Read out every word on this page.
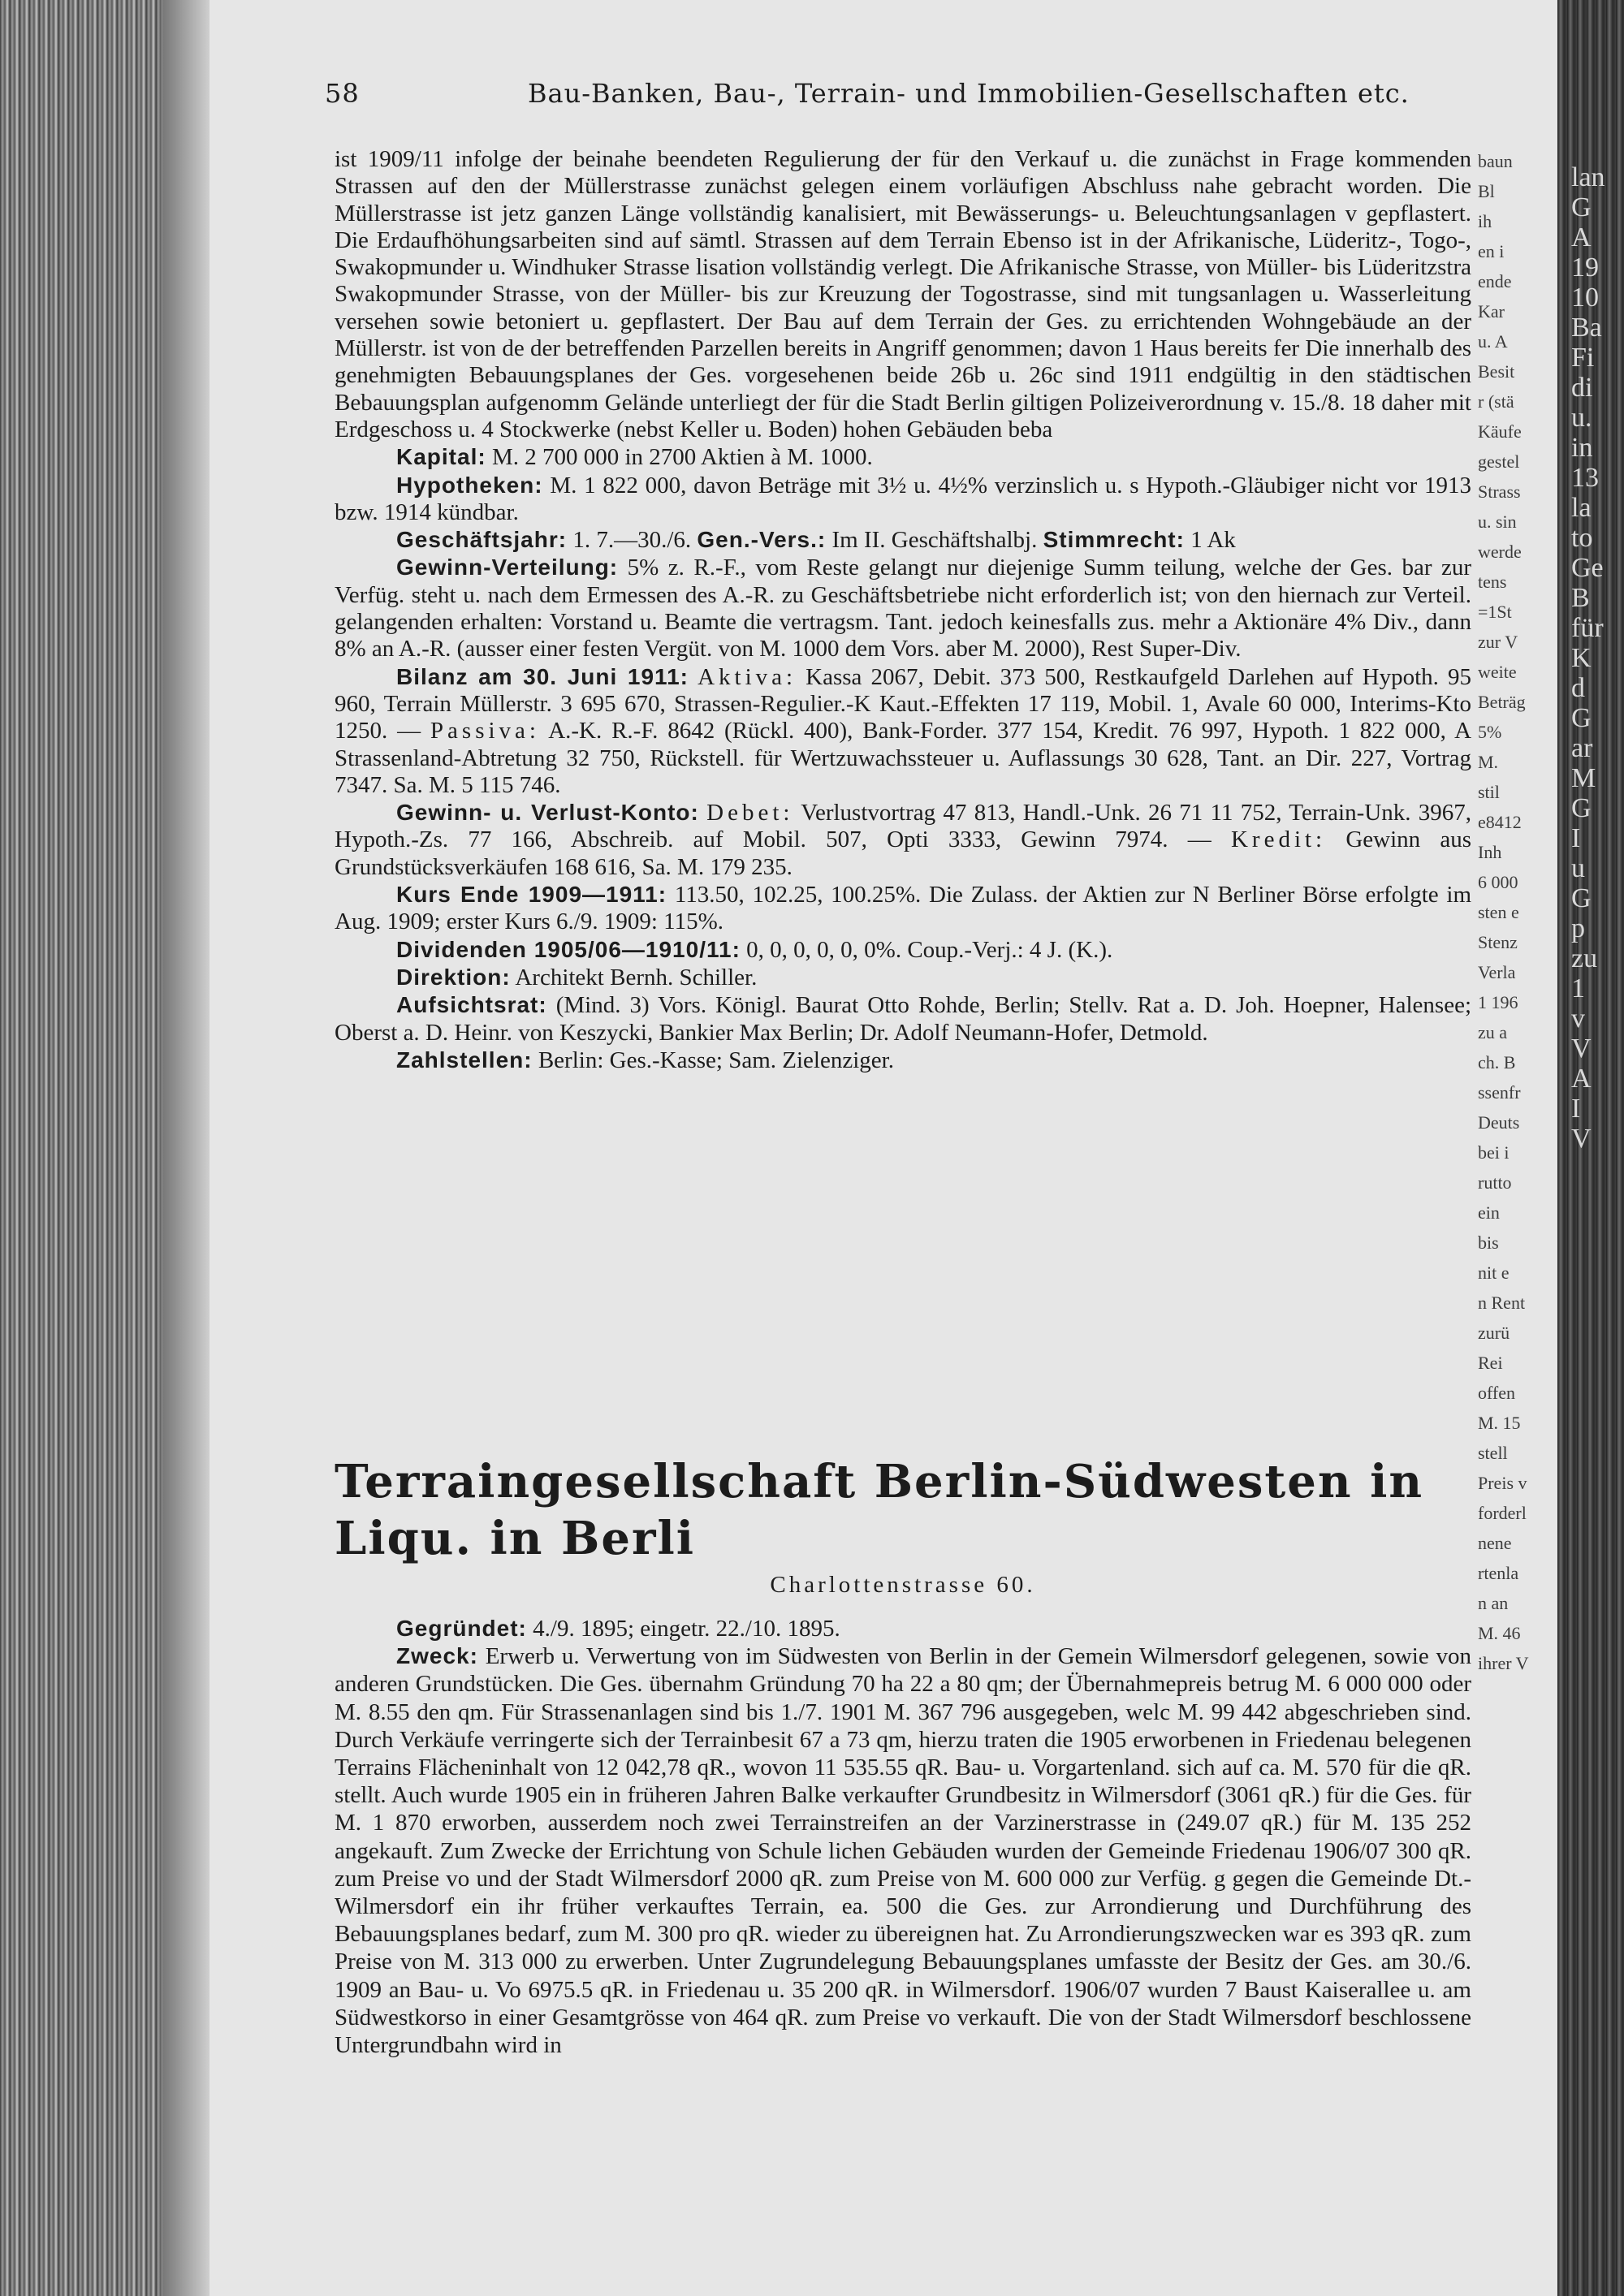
baun
Bl
ih
en i
ende
Kar
u. A
Besit
r (stä
Käufe
gestel
Strass
u. sin
werde
tens
=1St
zur V
weite
Beträg
5%
M.
stil
e8412
Inh
6 000
sten e
Stenz
Verla
1 196
zu a
ch. B
ssenfr
Deuts
bei i
rutto
ein
bis
nit e
n Rent
zurü
Rei
offen
M. 15
stell
Preis v
forderl
nene
rtenla
n an
M. 46
ihrer V
lan
G
A
19
10
Ba
Fi
di
u.
in
13
la
to
Ge
B
für
K
d
G
ar
M
G
I
u
G
p
zu
1
v
V
A
I
V
58	Bau-Banken, Bau-, Terrain- und Immobilien-Gesellschaften etc.

ist 1909/11 infolge der beinahe beendeten Regulierung der für den Verkauf u. die zunächst in Frage kommenden Strassen auf den der Müllerstrasse zunächst gelegen einem vorläufigen Abschluss nahe gebracht worden. Die Müllerstrasse ist jetz ganzen Länge vollständig kanalisiert, mit Bewässerungs- u. Beleuchtungsanlagen v gepflastert. Die Erdaufhöhungsarbeiten sind auf sämtl. Strassen auf dem Terrain Ebenso ist in der Afrikanische, Lüderitz-, Togo-, Swakopmunder u. Windhuker Strasse lisation vollständig verlegt. Die Afrikanische Strasse, von Müller- bis Lüderitzstra Swakopmunder Strasse, von der Müller- bis zur Kreuzung der Togostrasse, sind mit tungsanlagen u. Wasserleitung versehen sowie betoniert u. gepflastert. Der Bau auf dem Terrain der Ges. zu errichtenden Wohngebäude an der Müllerstr. ist von de der betreffenden Parzellen bereits in Angriff genommen; davon 1 Haus bereits fer Die innerhalb des genehmigten Bebauungsplanes der Ges. vorgesehenen beide 26b u. 26c sind 1911 endgültig in den städtischen Bebauungsplan aufgenomm Gelände unterliegt der für die Stadt Berlin giltigen Polizeiverordnung v. 15./8. 18 daher mit Erdgeschoss u. 4 Stockwerke (nebst Keller u. Boden) hohen Gebäuden beba

Kapital: M. 2 700 000 in 2700 Aktien à M. 1000.

Hypotheken: M. 1 822 000, davon Beträge mit 3½ u. 4½% verzinslich u. s Hypoth.-Gläubiger nicht vor 1913 bzw. 1914 kündbar.

Geschäftsjahr: 1. 7.—30./6. Gen.-Vers.: Im II. Geschäftshalbj. Stimmrecht: 1 Ak

Gewinn-Verteilung: 5% z. R.-F., vom Reste gelangt nur diejenige Summ teilung, welche der Ges. bar zur Verfüg. steht u. nach dem Ermessen des A.-R. zu Geschäftsbetriebe nicht erforderlich ist; von den hiernach zur Verteil. gelangenden erhalten: Vorstand u. Beamte die vertragsm. Tant. jedoch keinesfalls zus. mehr a Aktionäre 4% Div., dann 8% an A.-R. (ausser einer festen Vergüt. von M. 1000 dem Vors. aber M. 2000), Rest Super-Div.

Bilanz am 30. Juni 1911: Aktiva: Kassa 2067, Debit. 373 500, Restkaufgeld Darlehen auf Hypoth. 95 960, Terrain Müllerstr. 3 695 670, Strassen-Regulier.-K Kaut.-Effekten 17 119, Mobil. 1, Avale 60 000, Interims-Kto 1250. — Passiva: A.-K. R.-F. 8642 (Rückl. 400), Bank-Forder. 377 154, Kredit. 76 997, Hypoth. 1 822 000, A Strassenland-Abtretung 32 750, Rückstell. für Wertzuwachssteuer u. Auflassungs 30 628, Tant. an Dir. 227, Vortrag 7347. Sa. M. 5 115 746.

Gewinn- u. Verlust-Konto: Debet: Verlustvortrag 47 813, Handl.-Unk. 26 71 11 752, Terrain-Unk. 3967, Hypoth.-Zs. 77 166, Abschreib. auf Mobil. 507, Opti 3333, Gewinn 7974. — Kredit: Gewinn aus Grundstücksverkäufen 168 616, Sa. M. 179 235.

Kurs Ende 1909—1911: 113.50, 102.25, 100.25%. Die Zulass. der Aktien zur N Berliner Börse erfolgte im Aug. 1909; erster Kurs 6./9. 1909: 115%.

Dividenden 1905/06—1910/11: 0, 0, 0, 0, 0, 0%. Coup.-Verj.: 4 J. (K.).

Direktion: Architekt Bernh. Schiller.

Aufsichtsrat: (Mind. 3) Vors. Königl. Baurat Otto Rohde, Berlin; Stellv. Rat a. D. Joh. Hoepner, Halensee; Oberst a. D. Heinr. von Keszycki, Bankier Max Berlin; Dr. Adolf Neumann-Hofer, Detmold.

Zahlstellen: Berlin: Ges.-Kasse; Sam. Zielenziger.

Terraingesellschaft Berlin-Südwesten in Liqu. in Berli
Charlottenstrasse 60.

Gegründet: 4./9. 1895; eingetr. 22./10. 1895.

Zweck: Erwerb u. Verwertung von im Südwesten von Berlin in der Gemein Wilmersdorf gelegenen, sowie von anderen Grundstücken. Die Ges. übernahm Gründung 70 ha 22 a 80 qm; der Übernahmepreis betrug M. 6 000 000 oder M. 8.55 den qm. Für Strassenanlagen sind bis 1./7. 1901 M. 367 796 ausgegeben, welc M. 99 442 abgeschrieben sind. Durch Verkäufe verringerte sich der Terrainbesit 67 a 73 qm, hierzu traten die 1905 erworbenen in Friedenau belegenen Terrains Flächeninhalt von 12 042,78 qR., wovon 11 535.55 qR. Bau- u. Vorgartenland. sich auf ca. M. 570 für die qR. stellt. Auch wurde 1905 ein in früheren Jahren Balke verkaufter Grundbesitz in Wilmersdorf (3061 qR.) für die Ges. für M. 1 870 erworben, ausserdem noch zwei Terrainstreifen an der Varzinerstrasse in (249.07 qR.) für M. 135 252 angekauft. Zum Zwecke der Errichtung von Schule lichen Gebäuden wurden der Gemeinde Friedenau 1906/07 300 qR. zum Preise vo und der Stadt Wilmersdorf 2000 qR. zum Preise von M. 600 000 zur Verfüg. g gegen die Gemeinde Dt.-Wilmersdorf ein ihr früher verkauftes Terrain, ea. 500 die Ges. zur Arrondierung und Durchführung des Bebauungsplanes bedarf, zum M. 300 pro qR. wieder zu übereignen hat. Zu Arrondierungszwecken war es 393 qR. zum Preise von M. 313 000 zu erwerben. Unter Zugrundelegung Bebauungsplanes umfasste der Besitz der Ges. am 30./6. 1909 an Bau- u. Vo 6975.5 qR. in Friedenau u. 35 200 qR. in Wilmersdorf. 1906/07 wurden 7 Baust Kaiserallee u. am Südwestkorso in einer Gesamtgrösse von 464 qR. zum Preise vo verkauft. Die von der Stadt Wilmersdorf beschlossene Untergrundbahn wird in
